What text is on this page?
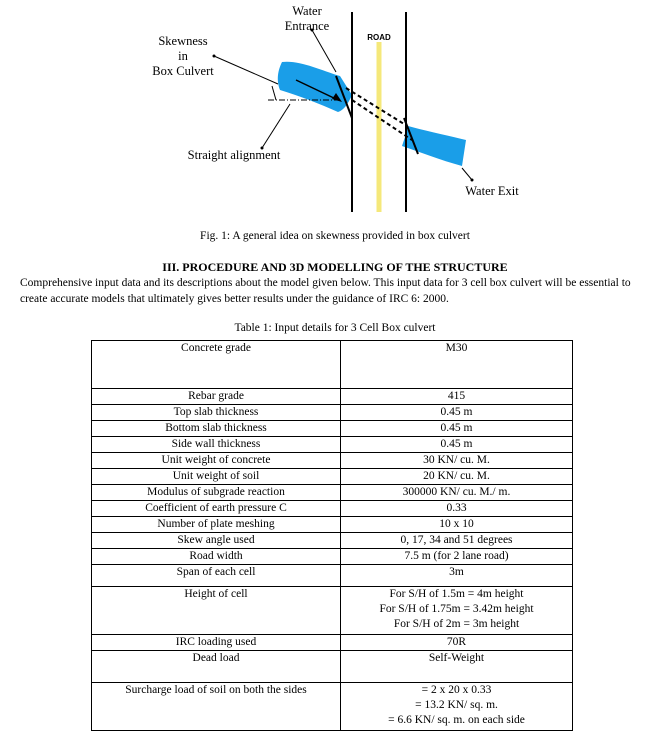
Water
Entrance
Skewness
in
Box Culvert
ROAD
Straight alignment
Water Exit
Fig. 1: A general idea on skewness provided in box culvert
III. PROCEDURE AND 3D MODELLING OF THE STRUCTURE
Comprehensive input data and its descriptions about the model given below. This input data for 3 cell box culvert will be essential to create accurate models that ultimately gives better results under the guidance of IRC 6: 2000.
Table 1: Input details for 3 Cell Box culvert
Concrete grade	M30

Rebar grade	415

Top slab thickness	0.45 m

Bottom slab thickness	0.45 m

Side wall thickness	0.45 m

Unit weight of concrete	30 KN/ cu. M.

Unit weight of soil	20 KN/ cu. M.

Modulus of subgrade reaction	300000 KN/ cu. M./ m.

Coefficient of earth pressure C	0.33

Number of plate meshing	10 x 10

Skew angle used	0, 17, 34 and 51 degrees

Road width	7.5 m (for 2 lane road)

Span of each cell	3m

Height of cell	For S/H of 1.5m = 4m height
For S/H of 1.75m = 3.42m height
For S/H of 2m = 3m height

IRC loading used	70R

Dead load	Self-Weight

Surcharge load of soil on both the sides	= 2 x 20 x 0.33
= 13.2 KN/ sq. m.
= 6.6 KN/ sq. m. on each side
